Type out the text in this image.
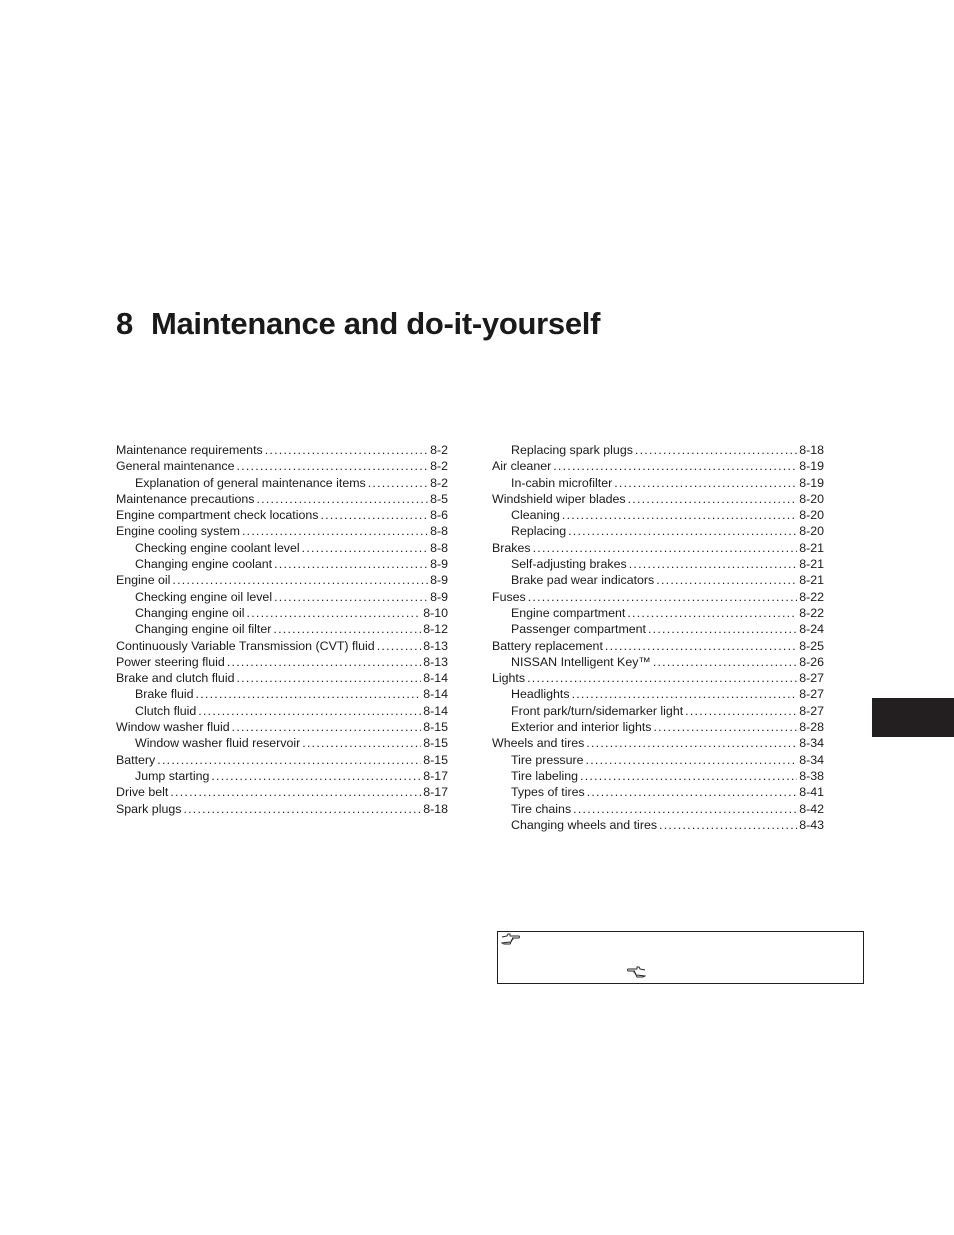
8 Maintenance and do-it-yourself
Maintenance requirements . . .	8-2
General maintenance . . .	8-2
Explanation of general maintenance items . . .	8-2
Maintenance precautions . . .	8-5
Engine compartment check locations . . .	8-6
Engine cooling system . . .	8-8
Checking engine coolant level . . .	8-8
Changing engine coolant . . .	8-9
Engine oil . . .	8-9
Checking engine oil level . . .	8-9
Changing engine oil . . .	8-10
Changing engine oil filter . . .	8-12
Continuously Variable Transmission (CVT) fluid . . .	8-13
Power steering fluid . . .	8-13
Brake and clutch fluid . . .	8-14
Brake fluid . . .	8-14
Clutch fluid . . .	8-14
Window washer fluid . . .	8-15
Window washer fluid reservoir . . .	8-15
Battery . . .	8-15
Jump starting . . .	8-17
Drive belt . . .	8-17
Spark plugs . . .	8-18
Replacing spark plugs . . .	8-18
Air cleaner . . .	8-19
In-cabin microfilter . . .	8-19
Windshield wiper blades . . .	8-20
Cleaning . . .	8-20
Replacing . . .	8-20
Brakes . . .	8-21
Self-adjusting brakes . . .	8-21
Brake pad wear indicators . . .	8-21
Fuses . . .	8-22
Engine compartment . . .	8-22
Passenger compartment . . .	8-24
Battery replacement . . .	8-25
NISSAN Intelligent Key™ . . .	8-26
Lights . . .	8-27
Headlights . . .	8-27
Front park/turn/sidemarker light . . .	8-27
Exterior and interior lights . . .	8-28
Wheels and tires . . .	8-34
Tire pressure . . .	8-34
Tire labeling . . .	8-38
Types of tires . . .	8-41
Tire chains . . .	8-42
Changing wheels and tires . . .	8-43
